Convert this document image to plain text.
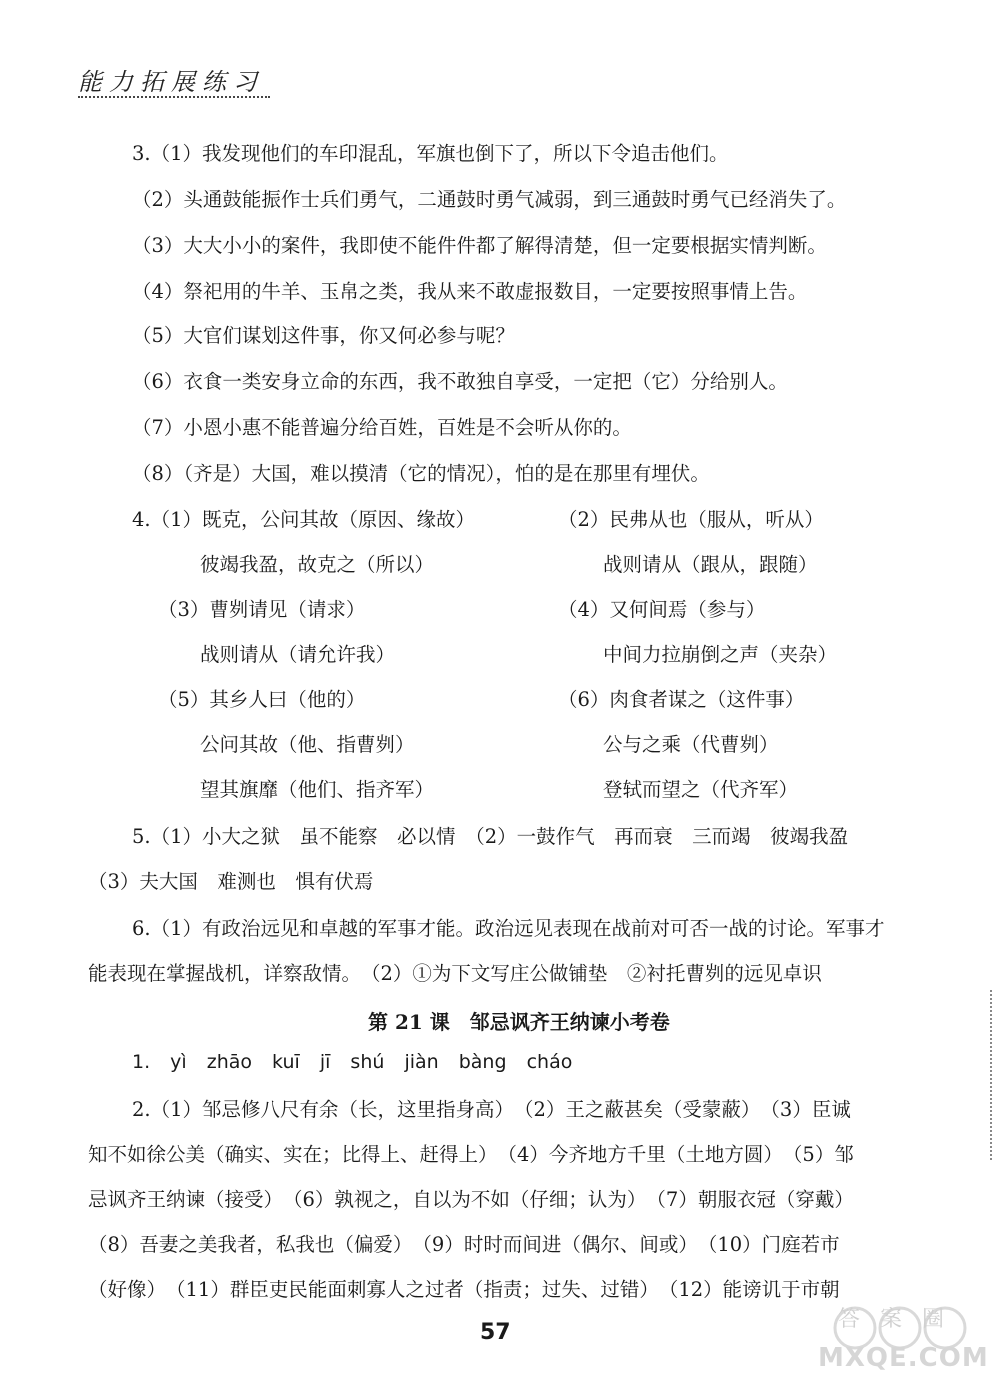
能力拓展练习
3.（1）我发现他们的车印混乱，军旗也倒下了，所以下令追击他们。
（2）头通鼓能振作士兵们勇气，二通鼓时勇气减弱，到三通鼓时勇气已经消失了。
（3）大大小小的案件，我即使不能件件都了解得清楚，但一定要根据实情判断。
（4）祭祀用的牛羊、玉帛之类，我从来不敢虚报数目，一定要按照事情上告。
（5）大官们谋划这件事，你又何必参与呢？
（6）衣食一类安身立命的东西，我不敢独自享受，一定把（它）分给别人。
（7）小恩小惠不能普遍分给百姓，百姓是不会听从你的。
（8）（齐是）大国，难以摸清（它的情况），怕的是在那里有埋伏。
4.（1）既克，公问其故（原因、缘故）	（2）民弗从也（服从，听从）
彼竭我盈，故克之（所以）	战则请从（跟从，跟随）
（3）曹刿请见（请求）	（4）又何间焉（参与）
战则请从（请允许我）	中间力拉崩倒之声（夹杂）
（5）其乡人曰（他的）	（6）肉食者谋之（这件事）
公问其故（他、指曹刿）	公与之乘（代曹刿）
望其旗靡（他们、指齐军）	登轼而望之（代齐军）
5.（1）小大之狱　虽不能察　必以情　（2）一鼓作气　再而衰　三而竭　彼竭我盈
（3）夫大国　难测也　惧有伏焉
6.（1）有政治远见和卓越的军事才能。政治远见表现在战前对可否一战的讨论。军事才
能表现在掌握战机，详察敌情。　（2）①为下文写庄公做铺垫　②衬托曹刿的远见卓识
第 21 课　邹忌讽齐王纳谏小考卷
1. yì zhāo kuī jī shú jiàn bàng cháo
2.（1）邹忌修八尺有余（长，这里指身高）　（2）王之蔽甚矣（受蒙蔽）　（3）臣诚
知不如徐公美（确实、实在；比得上、赶得上）　（4）今齐地方千里（土地方圆）　（5）邹
忌讽齐王纳谏（接受）　（6）孰视之，自以为不如（仔细；认为）　（7）朝服衣冠（穿戴）
（8）吾妻之美我者，私我也（偏爱）　（9）时时而间进（偶尔、间或）　（10）门庭若市
（好像）　（11）群臣吏民能面刺寡人之过者（指责；过失、过错）　（12）能谤讥于市朝
57
答案圈
MXQE.COM
